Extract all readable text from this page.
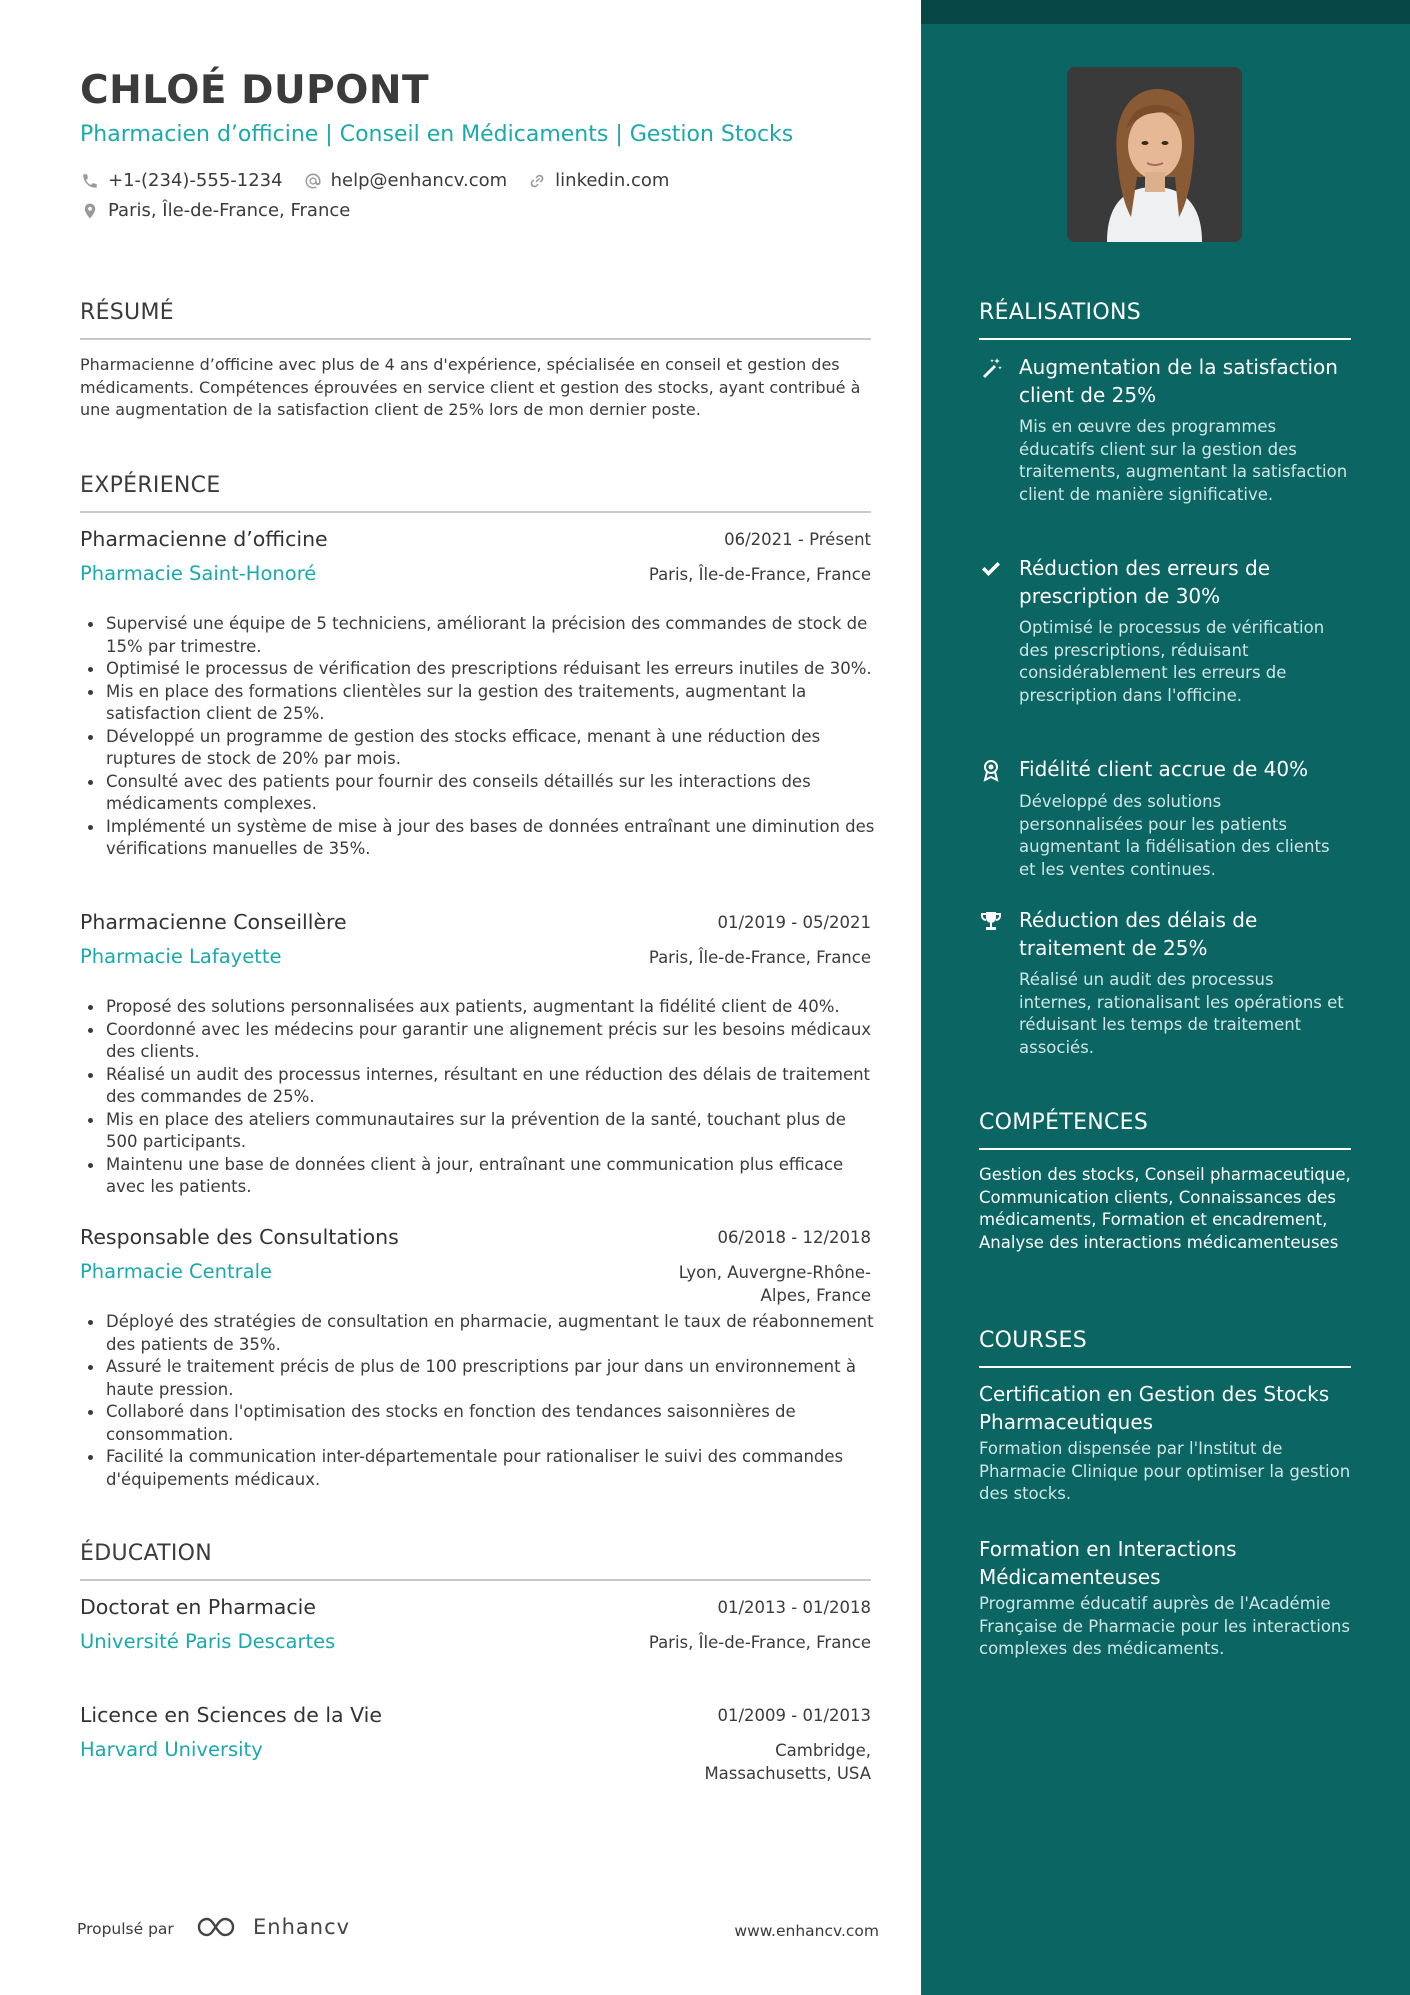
CHLOÉ DUPONT
Pharmacien d’officine | Conseil en Médicaments | Gestion Stocks
+1-(234)-555-1234	help@enhancv.com	linkedin.com
Paris, Île-de-France, France
RÉSUMÉ
Pharmacienne d’officine avec plus de 4 ans d'expérience, spécialisée en conseil et gestion des médicaments. Compétences éprouvées en service client et gestion des stocks, ayant contribué à une augmentation de la satisfaction client de 25% lors de mon dernier poste.
EXPÉRIENCE
Pharmacienne d’officine	06/2021 - Présent
Pharmacie Saint-Honoré	Paris, Île-de-France, France
Supervisé une équipe de 5 techniciens, améliorant la précision des commandes de stock de 15% par trimestre.
Optimisé le processus de vérification des prescriptions réduisant les erreurs inutiles de 30%.
Mis en place des formations clientèles sur la gestion des traitements, augmentant la satisfaction client de 25%.
Développé un programme de gestion des stocks efficace, menant à une réduction des ruptures de stock de 20% par mois.
Consulté avec des patients pour fournir des conseils détaillés sur les interactions des médicaments complexes.
Implémenté un système de mise à jour des bases de données entraînant une diminution des vérifications manuelles de 35%.
Pharmacienne Conseillère	01/2019 - 05/2021
Pharmacie Lafayette	Paris, Île-de-France, France
Proposé des solutions personnalisées aux patients, augmentant la fidélité client de 40%.
Coordonné avec les médecins pour garantir une alignement précis sur les besoins médicaux des clients.
Réalisé un audit des processus internes, résultant en une réduction des délais de traitement des commandes de 25%.
Mis en place des ateliers communautaires sur la prévention de la santé, touchant plus de 500 participants.
Maintenu une base de données client à jour, entraînant une communication plus efficace avec les patients.
Responsable des Consultations	06/2018 - 12/2018
Pharmacie Centrale	Lyon, Auvergne-Rhône-Alpes, France
Déployé des stratégies de consultation en pharmacie, augmentant le taux de réabonnement des patients de 35%.
Assuré le traitement précis de plus de 100 prescriptions par jour dans un environnement à haute pression.
Collaboré dans l'optimisation des stocks en fonction des tendances saisonnières de consommation.
Facilité la communication inter-départementale pour rationaliser le suivi des commandes d'équipements médicaux.
ÉDUCATION
Doctorat en Pharmacie	01/2013 - 01/2018
Université Paris Descartes	Paris, Île-de-France, France
Licence en Sciences de la Vie	01/2009 - 01/2013
Harvard University	Cambridge, Massachusetts, USA
Propulsé par	Enhancv	www.enhancv.com
RÉALISATIONS
Augmentation de la satisfaction client de 25%
Mis en œuvre des programmes éducatifs client sur la gestion des traitements, augmentant la satisfaction client de manière significative.
Réduction des erreurs de prescription de 30%
Optimisé le processus de vérification des prescriptions, réduisant considérablement les erreurs de prescription dans l'officine.
Fidélité client accrue de 40%
Développé des solutions personnalisées pour les patients augmentant la fidélisation des clients et les ventes continues.
Réduction des délais de traitement de 25%
Réalisé un audit des processus internes, rationalisant les opérations et réduisant les temps de traitement associés.
COMPÉTENCES
Gestion des stocks, Conseil pharmaceutique, Communication clients, Connaissances des médicaments, Formation et encadrement, Analyse des interactions médicamenteuses
COURSES
Certification en Gestion des Stocks Pharmaceutiques
Formation dispensée par l'Institut de Pharmacie Clinique pour optimiser la gestion des stocks.
Formation en Interactions Médicamenteuses
Programme éducatif auprès de l'Académie Française de Pharmacie pour les interactions complexes des médicaments.
